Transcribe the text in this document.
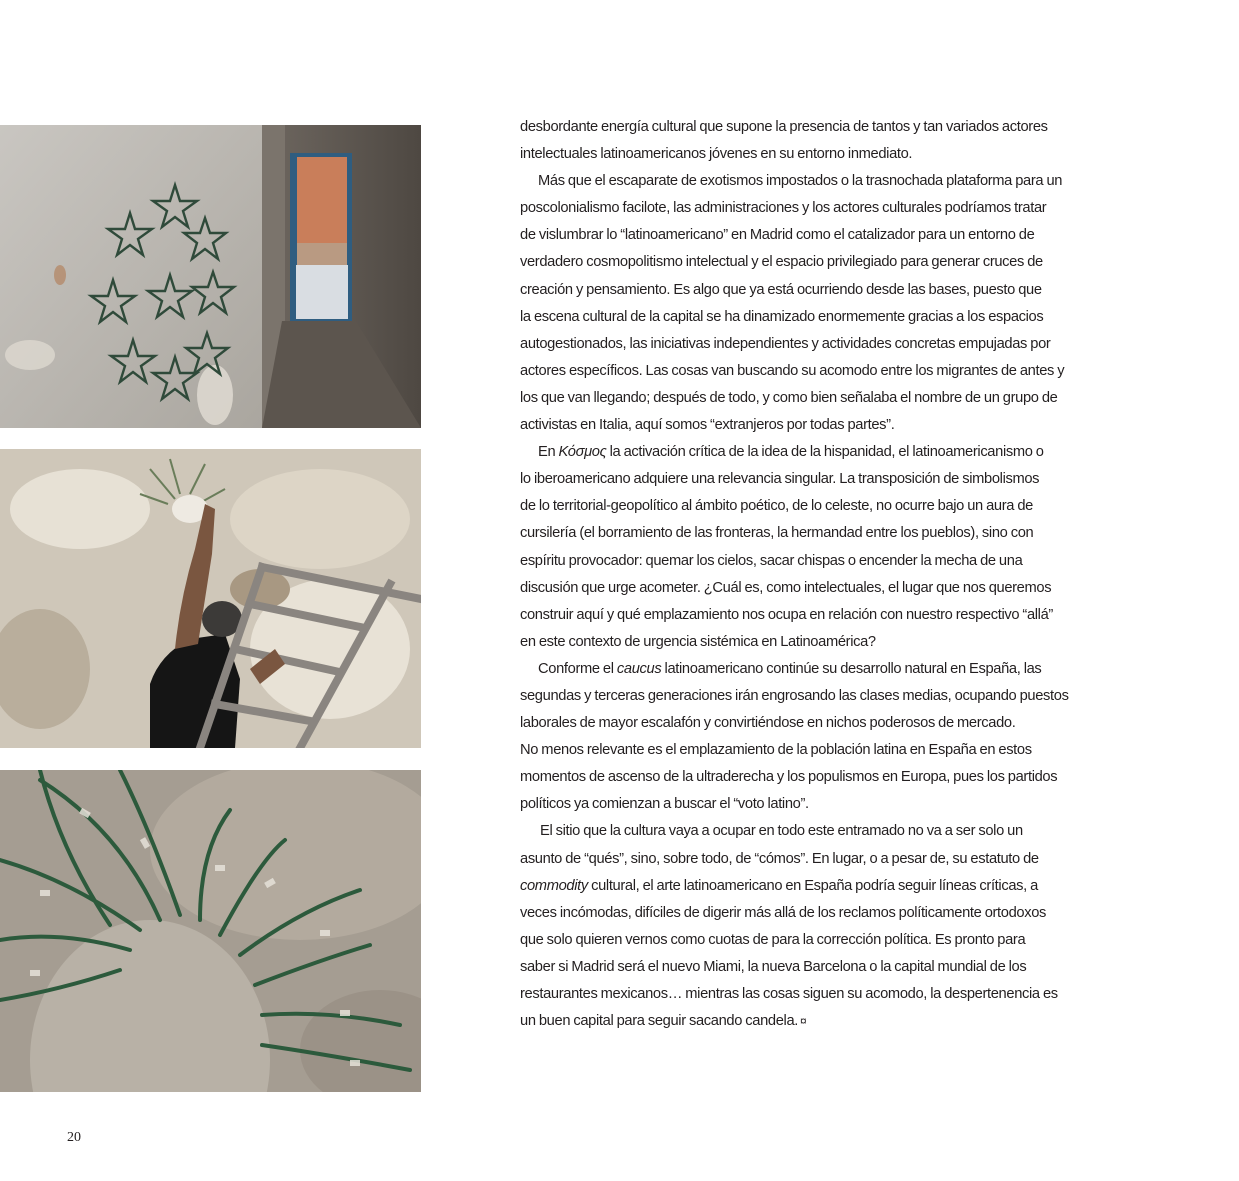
20

desbordante energía cultural que supone la presencia de tantos y tan variados actores
intelectuales latinoamericanos jóvenes en su entorno inmediato.

Más que el escaparate de exotismos impostados o la trasnochada plataforma para un
poscolonialismo facilote, las administraciones y los actores culturales podríamos tratar
de vislumbrar lo “latinoamericano” en Madrid como el catalizador para un entorno de
verdadero cosmopolitismo intelectual y el espacio privilegiado para generar cruces de
creación y pensamiento. Es algo que ya está ocurriendo desde las bases, puesto que
la escena cultural de la capital se ha dinamizado enormemente gracias a los espacios
autogestionados, las iniciativas independientes y actividades concretas empujadas por
actores específicos. Las cosas van buscando su acomodo entre los migrantes de antes y
los que van llegando; después de todo, y como bien señalaba el nombre de un grupo de
activistas en Italia, aquí somos “extranjeros por todas partes”.

En Κόσμος la activación crítica de la idea de la hispanidad, el latinoamericanismo o
lo iberoamericano adquiere una relevancia singular. La transposición de simbolismos
de lo territorial-geopolítico al ámbito poético, de lo celeste, no ocurre bajo un aura de
cursilería (el borramiento de las fronteras, la hermandad entre los pueblos), sino con
espíritu provocador: quemar los cielos, sacar chispas o encender la mecha de una
discusión que urge acometer. ¿Cuál es, como intelectuales, el lugar que nos queremos
construir aquí y qué emplazamiento nos ocupa en relación con nuestro respectivo “allá”
en este contexto de urgencia sistémica en Latinoamérica?

Conforme el caucus latinoamericano continúe su desarrollo natural en España, las
segundas y terceras generaciones irán engrosando las clases medias, ocupando puestos
laborales de mayor escalafón y convirtiéndose en nichos poderosos de mercado.
No menos relevante es el emplazamiento de la población latina en España en estos
momentos de ascenso de la ultraderecha y los populismos en Europa, pues los partidos
políticos ya comienzan a buscar el “voto latino”.

El sitio que la cultura vaya a ocupar en todo este entramado no va a ser solo un
asunto de “qués”, sino, sobre todo, de “cómos”. En lugar, o a pesar de, su estatuto de
commodity cultural, el arte latinoamericano en España podría seguir líneas críticas, a
veces incómodas, difíciles de digerir más allá de los reclamos políticamente ortodoxos
que solo quieren vernos como cuotas de para la corrección política. Es pronto para
saber si Madrid será el nuevo Miami, la nueva Barcelona o la capital mundial de los
restaurantes mexicanos… mientras las cosas siguen su acomodo, la despertenencia es
un buen capital para seguir sacando candela. ¤
